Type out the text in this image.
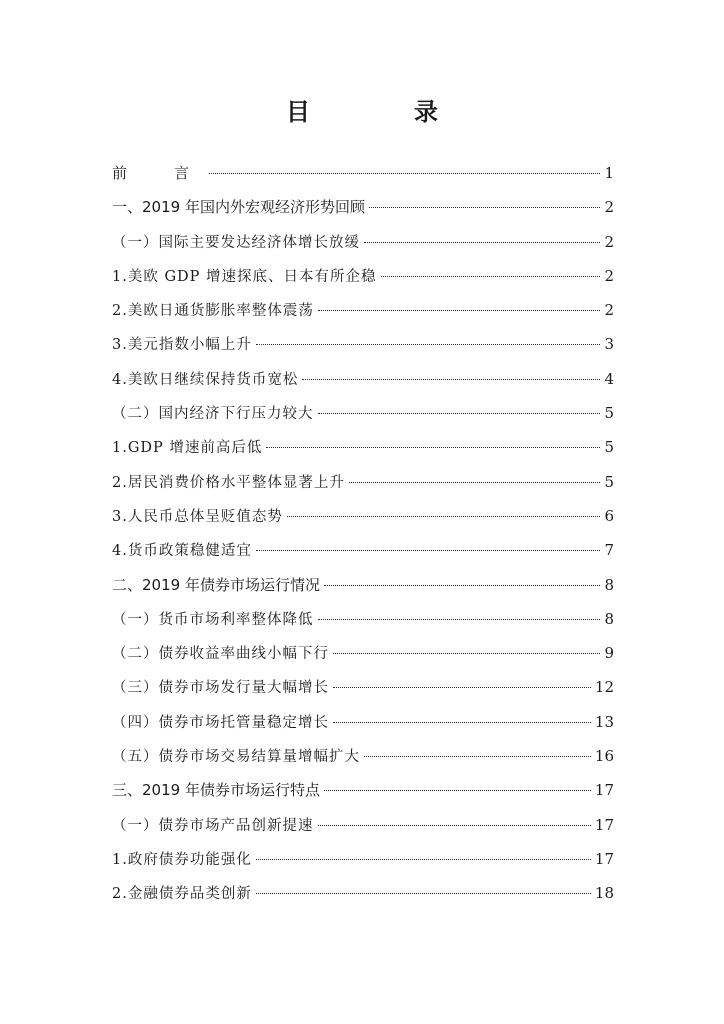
目　录
前　言	1
一、2019 年国内外宏观经济形势回顾	2
（一）国际主要发达经济体增长放缓	2
1.美欧 GDP 增速探底、日本有所企稳	2
2.美欧日通货膨胀率整体震荡	2
3.美元指数小幅上升	3
4.美欧日继续保持货币宽松	4
（二）国内经济下行压力较大	5
1.GDP 增速前高后低	5
2.居民消费价格水平整体显著上升	5
3.人民币总体呈贬值态势	6
4.货币政策稳健适宜	7
二、2019 年债券市场运行情况	8
（一）货币市场利率整体降低	8
（二）债券收益率曲线小幅下行	9
（三）债券市场发行量大幅增长	12
（四）债券市场托管量稳定增长	13
（五）债券市场交易结算量增幅扩大	16
三、2019 年债券市场运行特点	17
（一）债券市场产品创新提速	17
1.政府债券功能强化	17
2.金融债券品类创新	18
